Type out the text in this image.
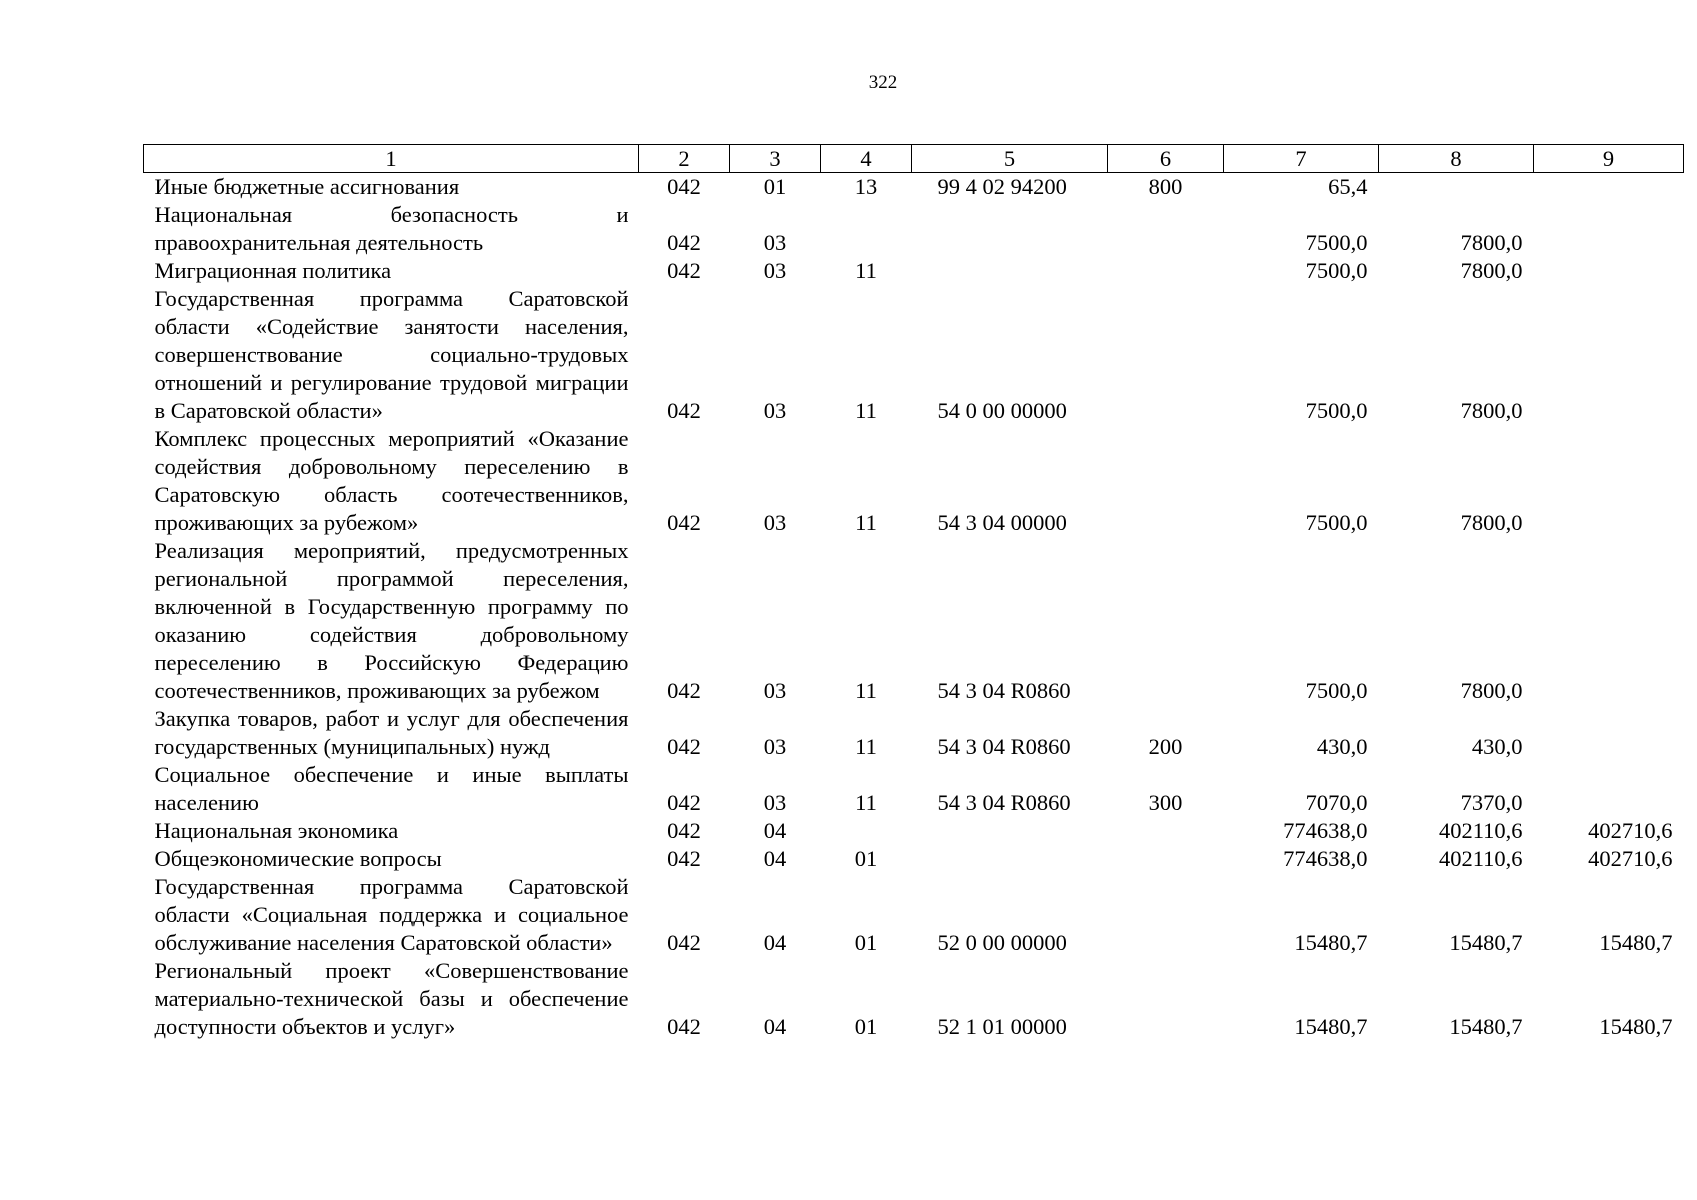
322
1	2	3	4	5	6	7	8	9
Иные бюджетные ассигнования	042	01	13	99 4 02 94200	800	65,4		
Национальная безопасность и правоохранительная деятельность	042	03				7500,0	7800,0	
Миграционная политика	042	03	11			7500,0	7800,0	
Государственная программа Саратовской области «Содействие занятости населения, совершенствование социально-трудовых отношений и регулирование трудовой миграции в Саратовской области»	042	03	11	54 0 00 00000		7500,0	7800,0	
Комплекс процессных мероприятий «Оказание содействия добровольному переселению в Саратовскую область соотечественников, проживающих за рубежом»	042	03	11	54 3 04 00000		7500,0	7800,0	
Реализация мероприятий, предусмотренных региональной программой переселения, включенной в Государственную программу по оказанию содействия добровольному переселению в Российскую Федерацию соотечественников, проживающих за рубежом	042	03	11	54 3 04 R0860		7500,0	7800,0	
Закупка товаров, работ и услуг для обеспечения государственных (муниципальных) нужд	042	03	11	54 3 04 R0860	200	430,0	430,0	
Социальное обеспечение и иные выплаты населению	042	03	11	54 3 04 R0860	300	7070,0	7370,0	
Национальная экономика	042	04				774638,0	402110,6	402710,6
Общеэкономические вопросы	042	04	01			774638,0	402110,6	402710,6
Государственная программа Саратовской области «Социальная поддержка и социальное обслуживание населения Саратовской области»	042	04	01	52 0 00 00000		15480,7	15480,7	15480,7
Региональный проект «Совершенствование материально-технической базы и обеспечение доступности объектов и услуг»	042	04	01	52 1 01 00000		15480,7	15480,7	15480,7
